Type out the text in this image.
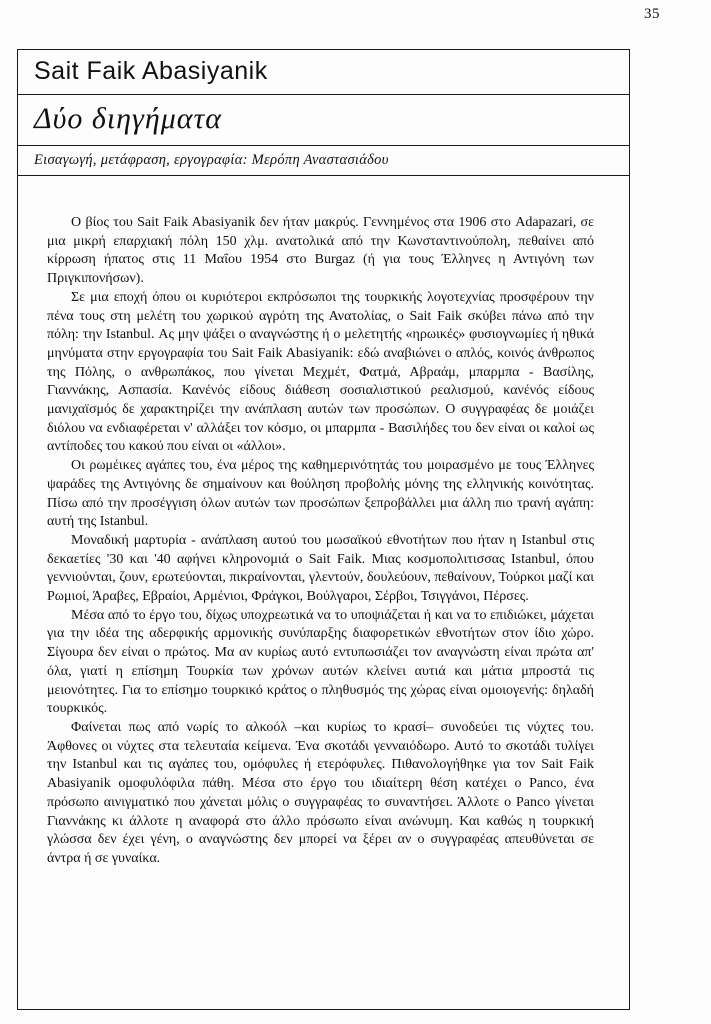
35
Sait Faik Abasiyanik
Δύο διηγήματα
Εισαγωγή, μετάφραση, εργογραφία: Μερόπη Αναστασιάδου

Ο βίος του Sait Faik Abasiyanik δεν ήταν μακρύς. Γεννημένος στα 1906 στο Adapazari, σε μια μικρή επαρχιακή πόλη 150 χλμ. ανατολικά από την Κωνσταντινούπολη, πεθαίνει από κίρρωση ήπατος στις 11 Μαΐου 1954 στο Burgaz (ή για τους Έλληνες η Αντιγόνη των Πριγκιπονήσων).

Σε μια εποχή όπου οι κυριότεροι εκπρόσωποι της τουρκικής λογοτεχνίας προσφέρουν την πένα τους στη μελέτη του χωρικού αγρότη της Ανατολίας, ο Sait Faik σκύβει πάνω από την πόλη: την Istanbul. Ας μην ψάξει ο αναγνώστης ή ο μελετητής «ηρωικές» φυσιογνωμίες ή ηθικά μηνύματα στην εργογραφία του Sait Faik Abasiyanik: εδώ αναβιώνει ο απλός, κοινός άνθρωπος της Πόλης, ο ανθρωπάκος, που γίνεται Μεχμέτ, Φατμά, Αβραάμ, μπαρμπα - Βασίλης, Γιαννάκης, Ασπασία. Κανένός είδους διάθεση σοσιαλιστικού ρεαλισμού, κανένός είδους μανιχαϊσμός δε χαρακτηρίζει την ανάπλαση αυτών των προσώπων. Ο συγγραφέας δε μοιάζει διόλου να ενδιαφέρεται ν' αλλάξει τον κόσμο, οι μπαρμπα - Βασιλήδες του δεν είναι οι καλοί ως αντίποδες του κακού που είναι οι «άλλοι».

Οι ρωμέικες αγάπες του, ένα μέρος της καθημερινότητάς του μοιρασμένο με τους Έλληνες ψαράδες της Αντιγόνης δε σημαίνουν και θούληση προβολής μόνης της ελληνικής κοινότητας. Πίσω από την προσέγγιση όλων αυτών των προσώπων ξεπροβάλλει μια άλλη πιο τρανή αγάπη: αυτή της Istanbul.

Μοναδική μαρτυρία - ανάπλαση αυτού του μωσαϊκού εθνοτήτων που ήταν η Istanbul στις δεκαετίες '30 και '40 αφήνει κληρονομιά ο Sait Faik. Μιας κοσμοπολιτισσας Istanbul, όπου γεννιούνται, ζουν, ερωτεύονται, πικραίνονται, γλεντούν, δουλεύουν, πεθαίνουν, Τούρκοι μαζί και Ρωμιοί, Άραβες, Εβραίοι, Αρμένιοι, Φράγκοι, Βούλγαροι, Σέρβοι, Τσιγγάνοι, Πέρσες.

Μέσα από το έργο του, δίχως υποχρεωτικά να το υποψιάζεται ή και να το επιδιώκει, μάχεται για την ιδέα της αδερφικής αρμονικής συνύπαρξης διαφορετικών εθνοτήτων στον ίδιο χώρο. Σίγουρα δεν είναι ο πρώτος. Μα αν κυρίως αυτό εντυπωσιάζει τον αναγνώστη είναι πρώτα απ' όλα, γιατί η επίσημη Τουρκία των χρόνων αυτών κλείνει αυτιά και μάτια μπροστά τις μειονότητες. Για το επίσημο τουρκικό κράτος ο πληθυσμός της χώρας είναι ομοιογενής: δηλαδή τουρκικός.

Φαίνεται πως από νωρίς το αλκοόλ –και κυρίως το κρασί– συνοδεύει τις νύχτες του. Άφθονες οι νύχτες στα τελευταία κείμενα. Ένα σκοτάδι γενναιόδωρο. Αυτό το σκοτάδι τυλίγει την Istanbul και τις αγάπες του, ομόφυλες ή ετερόφυλες. Πιθανολογήθηκε για τον Sait Faik Abasiyanik ομοφυλόφιλα πάθη. Μέσα στο έργο του ιδιαίτερη θέση κατέχει ο Panco, ένα πρόσωπο αινιγματικό που χάνεται μόλις ο συγγραφέας το συναντήσει. Άλλοτε ο Panco γίνεται Γιαννάκης κι άλλοτε η αναφορά στο άλλο πρόσωπο είναι ανώνυμη. Και καθώς η τουρκική γλώσσα δεν έχει γένη, ο αναγνώστης δεν μπορεί να ξέρει αν ο συγγραφέας απευθύνεται σε άντρα ή σε γυναίκα.
